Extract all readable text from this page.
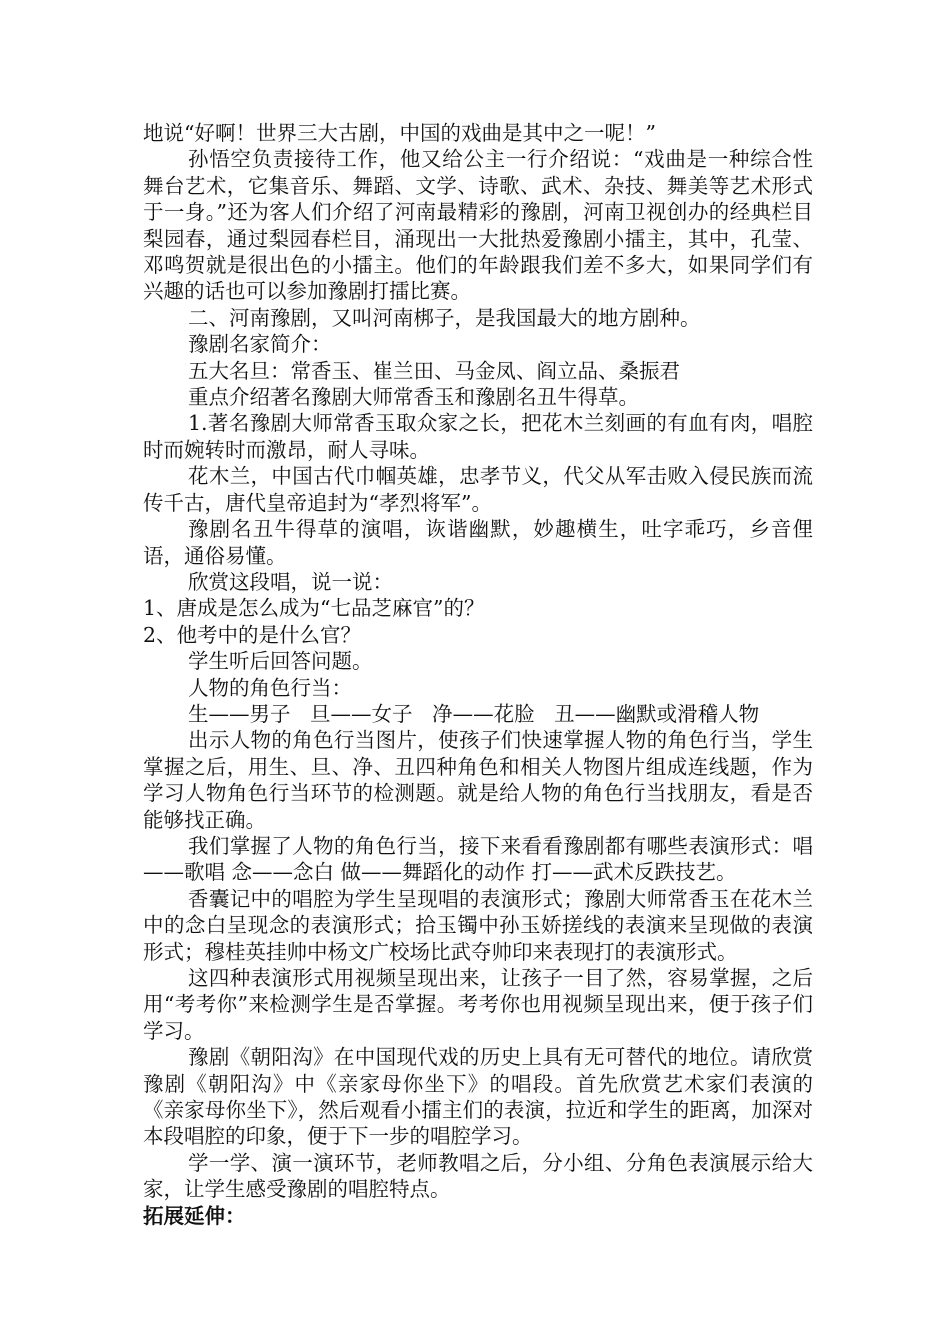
地说“好啊！世界三大古剧，中国的戏曲是其中之一呢！”

孙悟空负责接待工作，他又给公主一行介绍说：“戏曲是一种综合性舞台艺术，它集音乐、舞蹈、文学、诗歌、武术、杂技、舞美等艺术形式于一身。”还为客人们介绍了河南最精彩的豫剧，河南卫视创办的经典栏目梨园春，通过梨园春栏目，涌现出一大批热爱豫剧小擂主，其中，孔莹、邓鸣贺就是很出色的小擂主。他们的年龄跟我们差不多大，如果同学们有兴趣的话也可以参加豫剧打擂比赛。

二、河南豫剧，又叫河南梆子，是我国最大的地方剧种。

豫剧名家简介：

五大名旦：常香玉、崔兰田、马金凤、阎立品、桑振君

重点介绍著名豫剧大师常香玉和豫剧名丑牛得草。

1.著名豫剧大师常香玉取众家之长，把花木兰刻画的有血有肉，唱腔时而婉转时而激昂，耐人寻味。

花木兰，中国古代巾帼英雄，忠孝节义，代父从军击败入侵民族而流传千古，唐代皇帝追封为“孝烈将军”。

豫剧名丑牛得草的演唱，诙谐幽默，妙趣横生，吐字乖巧，乡音俚语，通俗易懂。

欣赏这段唱，说一说：

1、唐成是怎么成为“七品芝麻官”的？

2、他考中的是什么官？

学生听后回答问题。

人物的角色行当：

生——男子   旦——女子   净——花脸   丑——幽默或滑稽人物

出示人物的角色行当图片，使孩子们快速掌握人物的角色行当，学生掌握之后，用生、旦、净、丑四种角色和相关人物图片组成连线题，作为学习人物角色行当环节的检测题。就是给人物的角色行当找朋友，看是否能够找正确。

我们掌握了人物的角色行当，接下来看看豫剧都有哪些表演形式：唱——歌唱 念——念白 做——舞蹈化的动作 打——武术反跌技艺。

香囊记中的唱腔为学生呈现唱的表演形式；豫剧大师常香玉在花木兰中的念白呈现念的表演形式；拾玉镯中孙玉娇搓线的表演来呈现做的表演形式；穆桂英挂帅中杨文广校场比武夺帅印来表现打的表演形式。

这四种表演形式用视频呈现出来，让孩子一目了然，容易掌握，之后用“考考你”来检测学生是否掌握。考考你也用视频呈现出来，便于孩子们学习。

豫剧《朝阳沟》在中国现代戏的历史上具有无可替代的地位。请欣赏豫剧《朝阳沟》中《亲家母你坐下》的唱段。首先欣赏艺术家们表演的《亲家母你坐下》，然后观看小擂主们的表演，拉近和学生的距离，加深对本段唱腔的印象，便于下一步的唱腔学习。

学一学、演一演环节，老师教唱之后，分小组、分角色表演展示给大家，让学生感受豫剧的唱腔特点。

拓展延伸：
